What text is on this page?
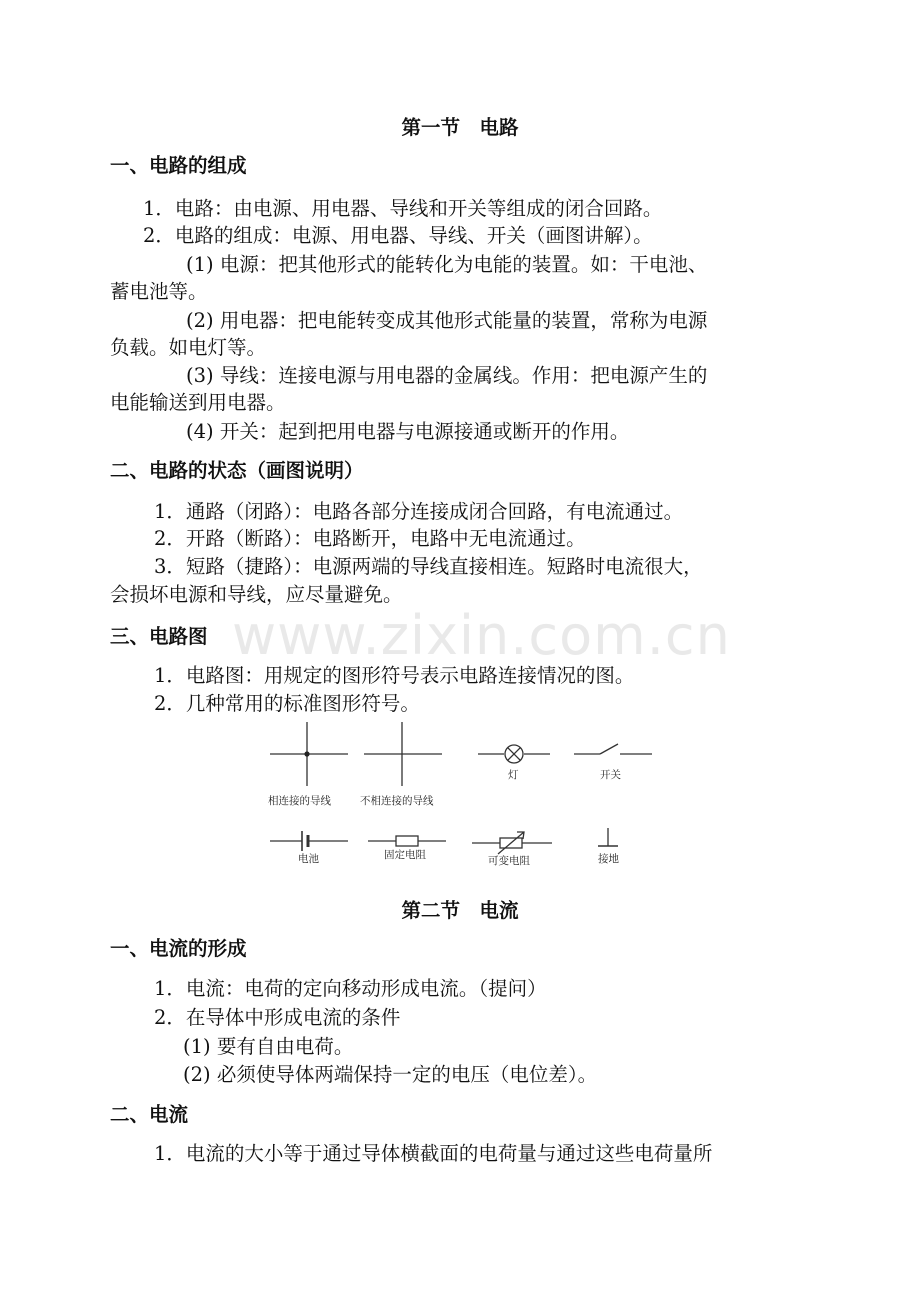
www.zixin.com.cn
第一节　电路
一、电路的组成
1．电路：由电源、用电器、导线和开关等组成的闭合回路。
2．电路的组成：电源、用电器、导线、开关（画图讲解）。
(1) 电源：把其他形式的能转化为电能的装置。如：干电池、
蓄电池等。
(2) 用电器：把电能转变成其他形式能量的装置，常称为电源
负载。如电灯等。
(3) 导线：连接电源与用电器的金属线。作用：把电源产生的
电能输送到用电器。
(4) 开关：起到把用电器与电源接通或断开的作用。
二、电路的状态（画图说明）
1．通路（闭路）：电路各部分连接成闭合回路，有电流通过。
2．开路（断路）：电路断开，电路中无电流通过。
3．短路（捷路）：电源两端的导线直接相连。短路时电流很大，
会损坏电源和导线，应尽量避免。
三、电路图
1．电路图：用规定的图形符号表示电路连接情况的图。
2．几种常用的标准图形符号。
相连接的导线	不相连接的导线
灯	开关
电池	固定电阻	可变电阻	接地
第二节　电流
一、电流的形成
1．电流：电荷的定向移动形成电流。（提问）
2．在导体中形成电流的条件
(1) 要有自由电荷。
(2) 必须使导体两端保持一定的电压（电位差）。
二、电流
1．电流的大小等于通过导体横截面的电荷量与通过这些电荷量所
